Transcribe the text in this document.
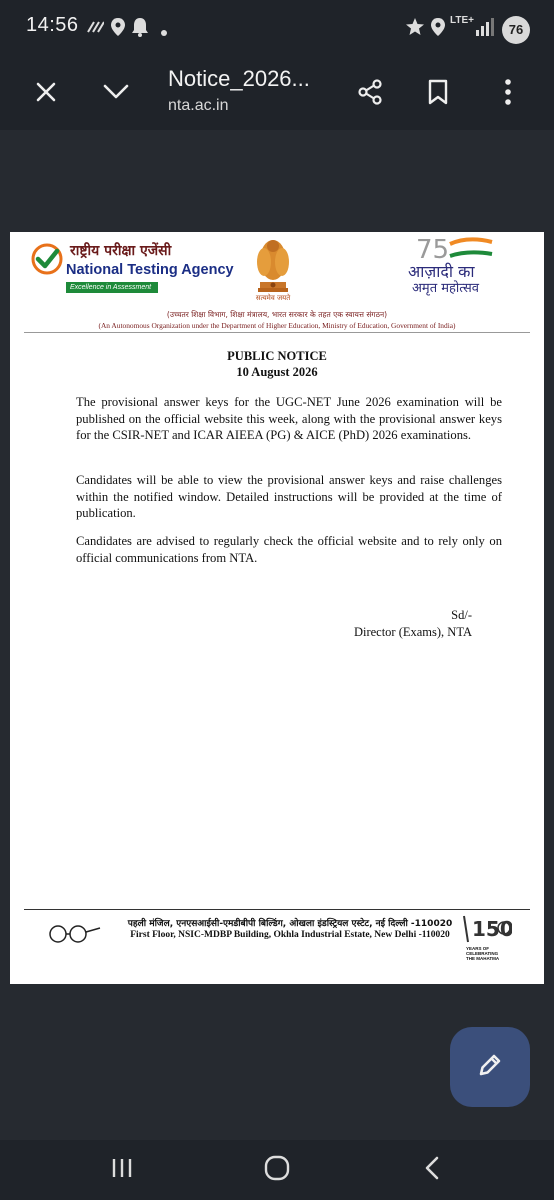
14:56	LTE+
76
Notice_2026...
nta.ac.in
राष्ट्रीय परीक्षा एजेंसी
National Testing Agency
Excellence in Assessment
सत्यमेव जयते
75
आज़ादी का
अमृत महोत्सव
(उच्चतर शिक्षा विभाग, शिक्षा मंत्रालय, भारत सरकार के तहत एक स्वायत्त संगठन)
(An Autonomous Organization under the Department of Higher Education, Ministry of Education, Government of India)
PUBLIC NOTICE
10 August 2026

The provisional answer keys for the UGC-NET June 2026 examination will be published on the official website this week, along with the provisional answer keys for the CSIR-NET and ICAR AIEEA (PG) & AICE (PhD) 2026 examinations.

Candidates will be able to view the provisional answer keys and raise challenges within the notified window. Detailed instructions will be provided at the time of publication.

Candidates are advised to regularly check the official website and to rely only on official communications from NTA.

Sd/-
Director (Exams), NTA
पहली मंजिल, एनएसआईसी-एमडीबीपी बिल्डिंग, ओखला इंडस्ट्रियल एस्टेट, नई दिल्ली -110020
First Floor, NSIC-MDBP Building, Okhla Industrial Estate, New Delhi -110020	150
YEARS OF CELEBRATING THE MAHATMA
